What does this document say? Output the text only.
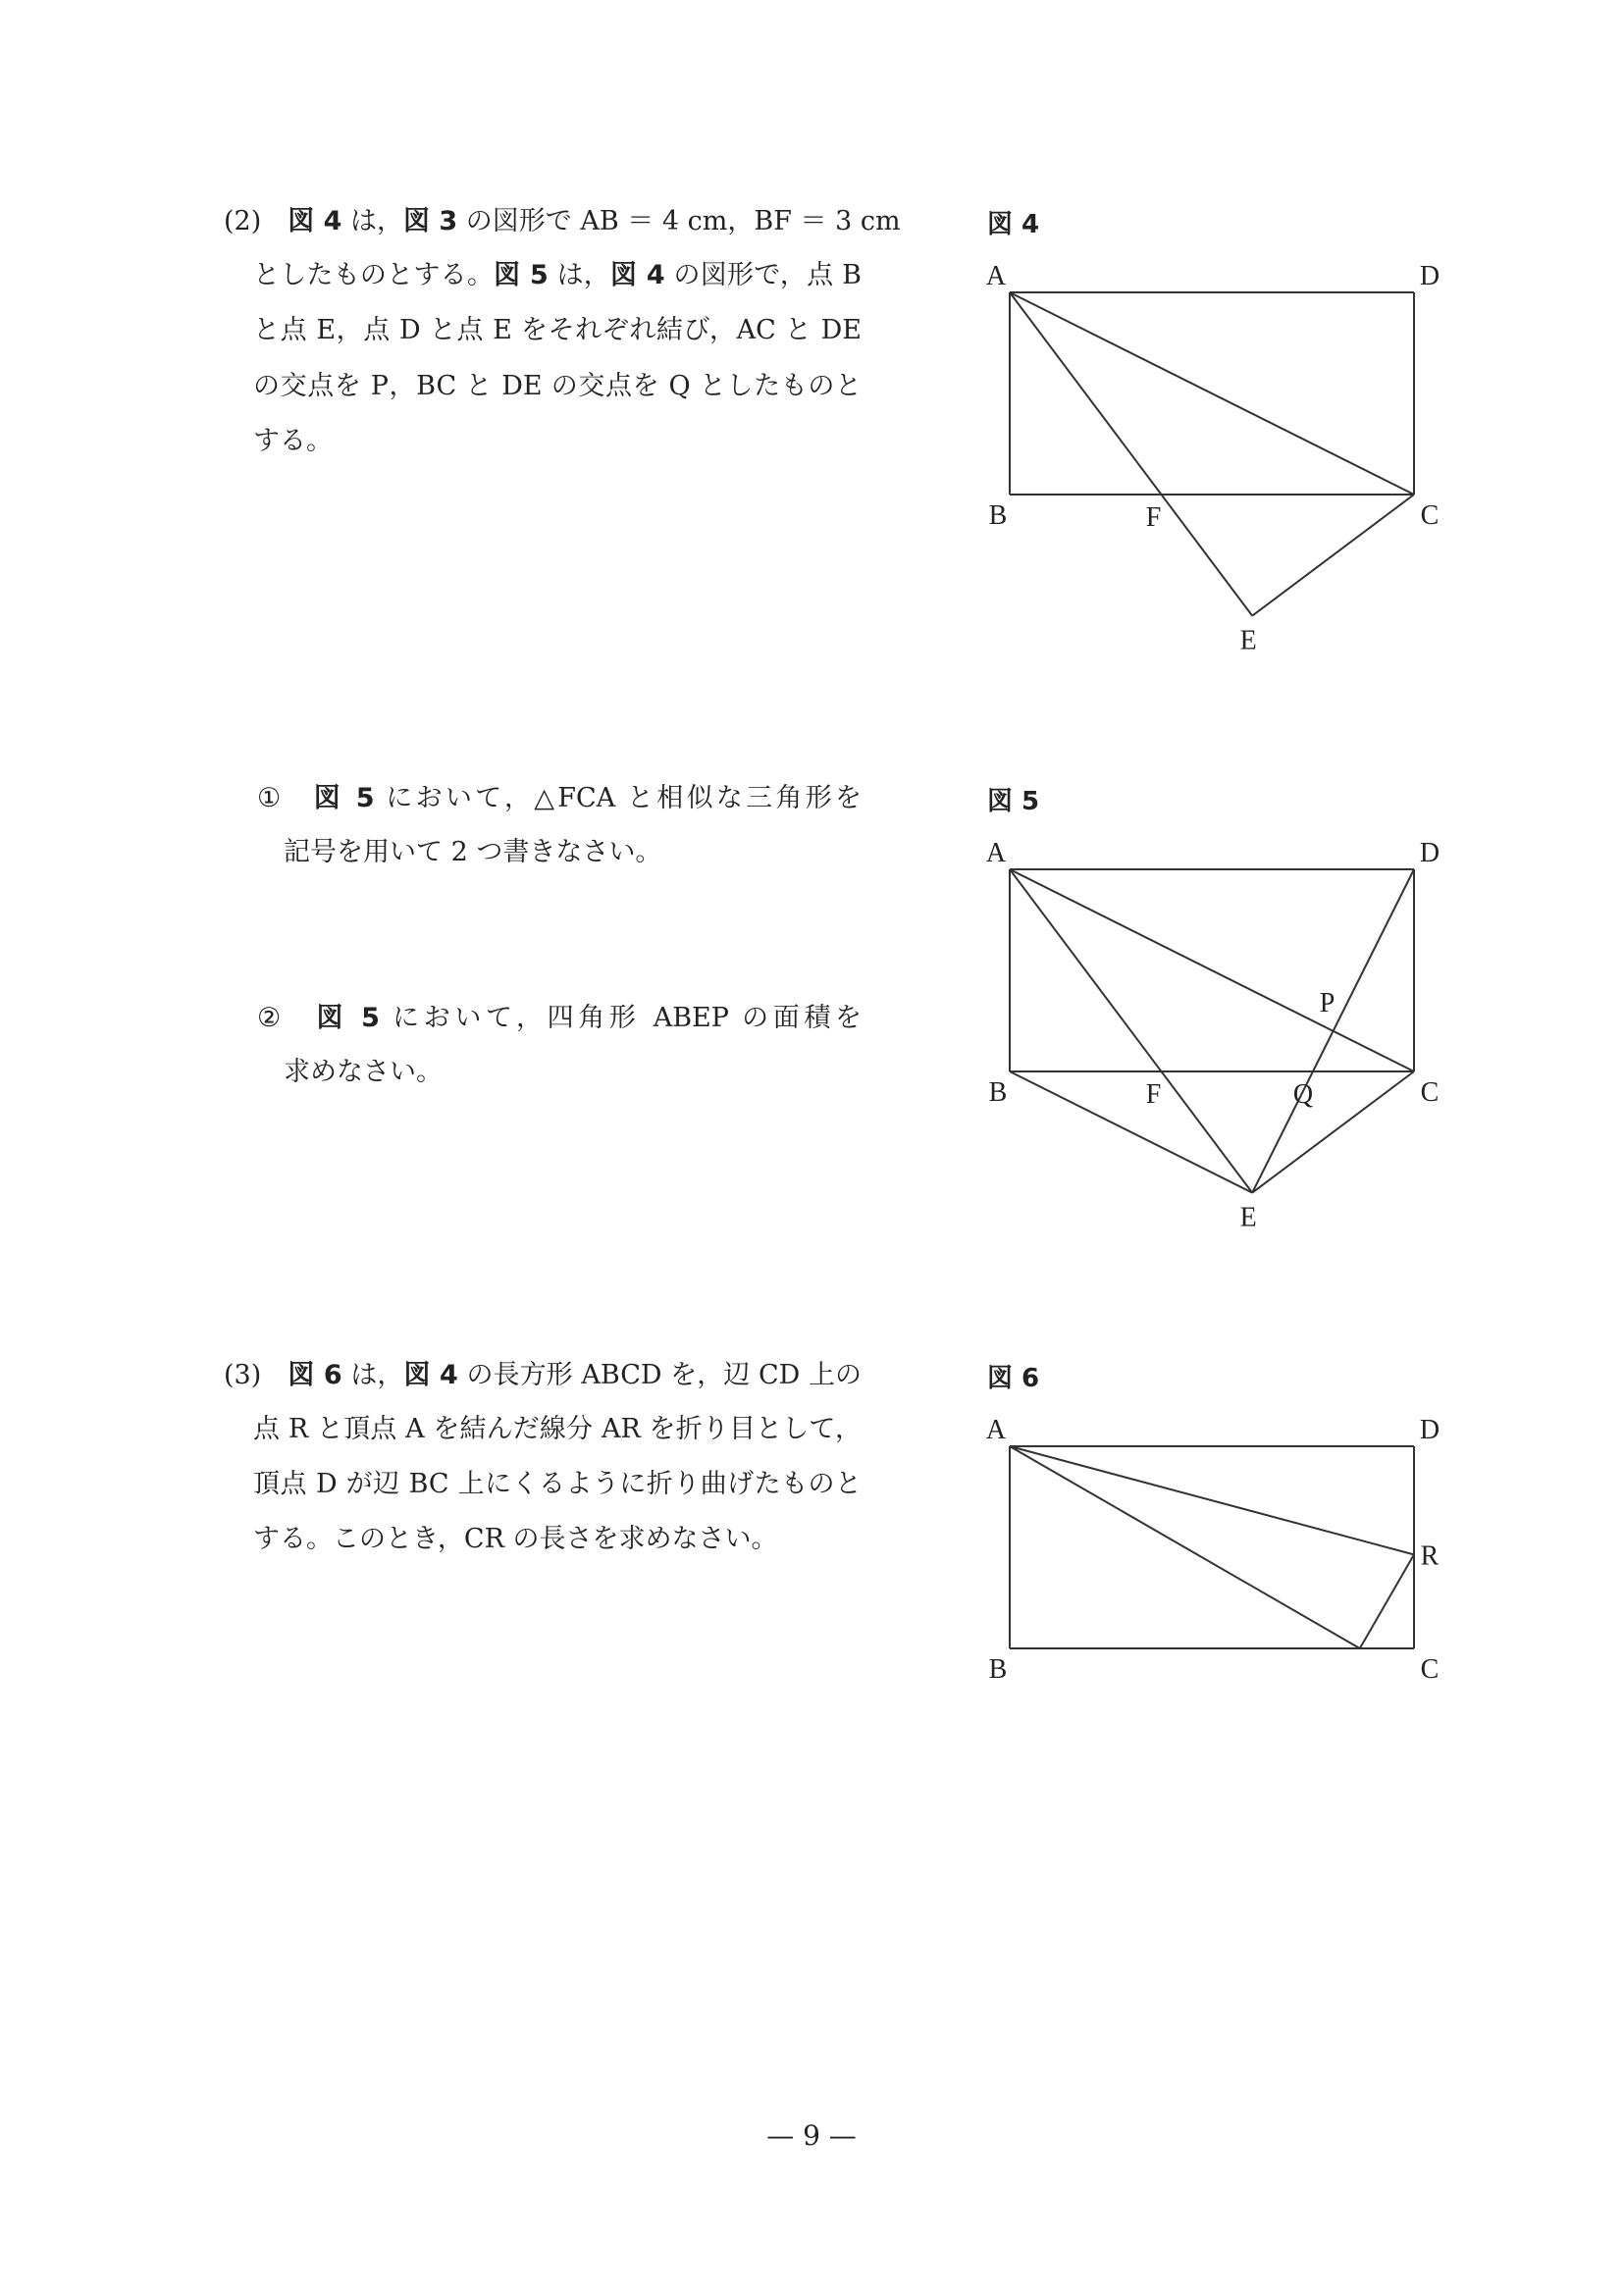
(2)　図 4 は，図 3 の図形で AB ＝ 4 cm，BF ＝ 3 cm
としたものとする。図 5 は，図 4 の図形で，点 B
と点 E，点 D と点 E をそれぞれ結び，AC と DE
の交点を P，BC と DE の交点を Q としたものと
する。
①　図 5 において，△FCA と相似な三角形を
記号を用いて 2 つ書きなさい。
②　図 5 において，四角形 ABEP の面積を
求めなさい。
(3)　図 6 は，図 4 の長方形 ABCD を，辺 CD 上の
点 R と頂点 A を結んだ線分 AR を折り目として，
頂点 D が辺 BC 上にくるように折り曲げたものと
する。このとき，CR の長さを求めなさい。
図 4
図 5
図 6
A	D
B	C
F
E
A	D
B	C
F
E
P
Q
A	D
B	C
R
— 9 —
